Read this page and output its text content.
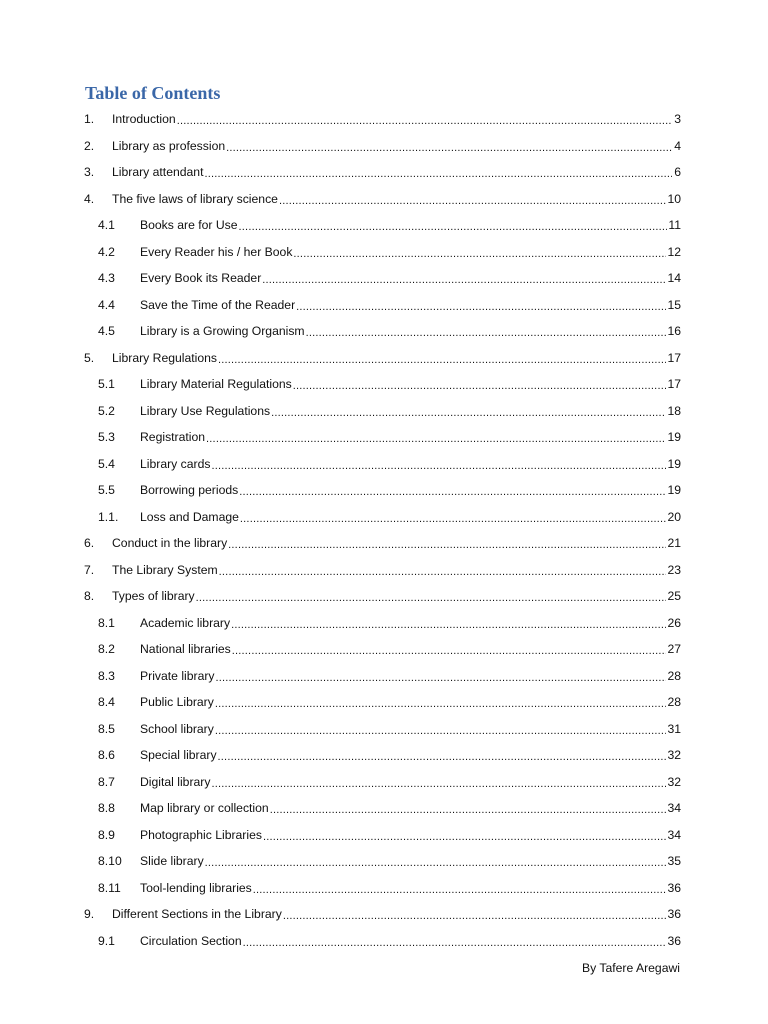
Table of Contents
1.	Introduction .....	3
2.	Library as profession .....	4
3.	Library attendant .....	6
4.	The five laws of library science .....	10
4.1	Books are for Use .....	11
4.2	Every Reader his / her Book .....	12
4.3	Every Book its Reader .....	14
4.4	Save the Time of the Reader .....	15
4.5	Library is a Growing Organism .....	16
5.	Library Regulations .....	17
5.1	Library Material Regulations .....	17
5.2	Library Use Regulations .....	18
5.3	Registration .....	19
5.4	Library cards .....	19
5.5	Borrowing periods .....	19
1.1.	Loss and Damage .....	20
6.	Conduct in the library .....	21
7.	The Library System .....	23
8.	Types of library .....	25
8.1	Academic library .....	26
8.2	National libraries .....	27
8.3	Private library .....	28
8.4	Public Library .....	28
8.5	School library .....	31
8.6	Special library .....	32
8.7	Digital library .....	32
8.8	Map library or collection .....	34
8.9	Photographic Libraries .....	34
8.10	Slide library .....	35
8.11	Tool-lending libraries .....	36
9.	Different Sections in the Library .....	36
9.1	Circulation Section .....	36
By Tafere Aregawi
